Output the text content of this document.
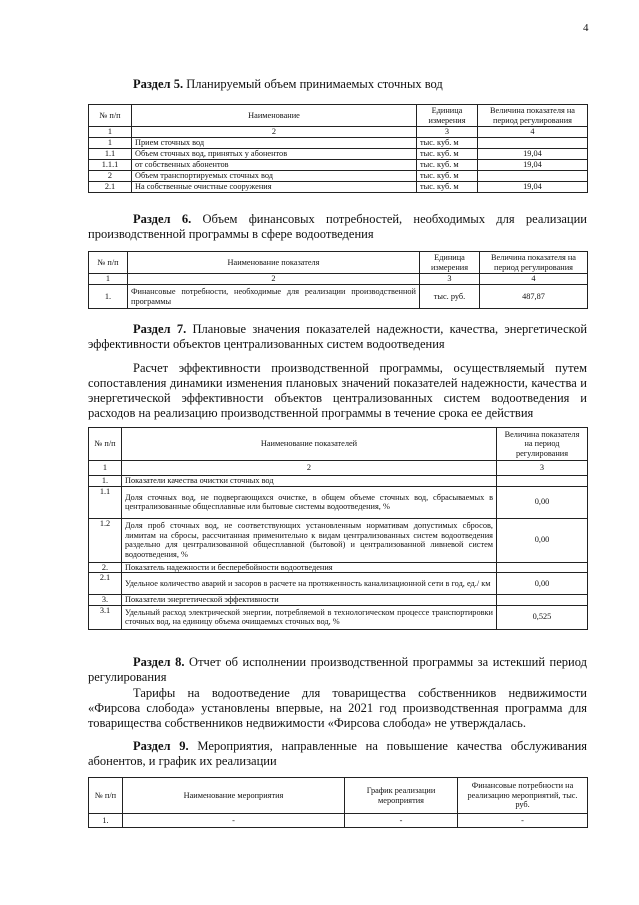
4
Раздел 5. Планируемый объем принимаемых сточных вод
№ п/п	Наименование	Единица измерения	Величина показателя на период регулирования
1	2	3	4
1	Прием сточных вод	тыс. куб. м	
1.1	Объем сточных вод, принятых у абонентов	тыс. куб. м	19,04
1.1.1	от собственных абонентов	тыс. куб. м	19,04
2	Объем транспортируемых сточных вод	тыс. куб. м	
2.1	На собственные очистные сооружения	тыс. куб. м	19,04
Раздел 6. Объем финансовых потребностей, необходимых для реализации производственной программы в сфере водоотведения
№ п/п	Наименование показателя	Единица измерения	Величина показателя на период регулирования
1	2	3	4
1.	Финансовые потребности, необходимые для реализации производственной программы	тыс. руб.	487,87
Раздел 7. Плановые значения показателей надежности, качества, энергетической эффективности объектов централизованных систем водоотведения
Расчет эффективности производственной программы, осуществляемый путем сопоставления динамики изменения плановых значений показателей надежности, качества и энергетической эффективности объектов централизованных систем водоотведения и расходов на реализацию производственной программы в течение срока ее действия
№ п/п	Наименование показателей	Величина показателя на период регулирования
1	2	3
1.	Показатели качества очистки сточных вод	
1.1	Доля сточных вод, не подвергающихся очистке, в общем объеме сточных вод, сбрасываемых в централизованные общесплавные или бытовые системы водоотведения, %	0,00
1.2	Доля проб сточных вод, не соответствующих установленным нормативам допустимых сбросов, лимитам на сбросы, рассчитанная применительно к видам централизованных систем водоотведения раздельно для централизованной общесплавной (бытовой) и централизованной ливневой систем водоотведения, %	0,00
2.	Показатель надежности и бесперебойности водоотведения	
2.1	Удельное количество аварий и засоров в расчете на протяженность канализационной сети в год, ед./ км	0,00
3.	Показатели энергетической эффективности	
3.1	Удельный расход электрической энергии, потребляемой в технологическом процессе транспортировки сточных вод, на единицу объема очищаемых сточных вод, %	0,525
Раздел 8. Отчет об исполнении производственной программы за истекший период регулирования
Тарифы на водоотведение для товарищества собственников недвижимости «Фирсова слобода» установлены впервые, на 2021 год производственная программа для товарищества собственников недвижимости «Фирсова слобода» не утверждалась.
Раздел 9. Мероприятия, направленные на повышение качества обслуживания абонентов, и график их реализации
№ п/п	Наименование мероприятия	График реализации мероприятия	Финансовые потребности на реализацию мероприятий, тыс. руб.
1.	-	-	-
